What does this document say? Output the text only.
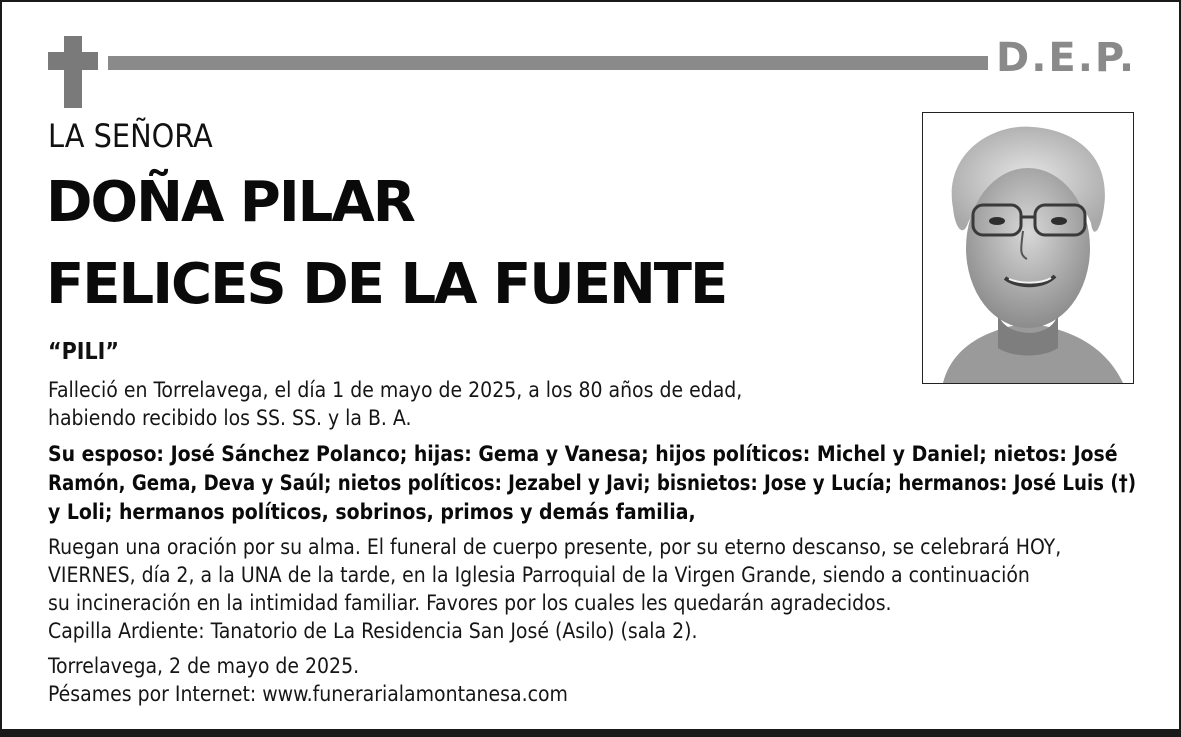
D.E.P.
LA SEÑORA
DOÑA PILAR
FELICES DE LA FUENTE
“PILI”
Falleció en Torrelavega, el día 1 de mayo de 2025, a los 80 años de edad,
habiendo recibido los SS. SS. y la B. A.
Su esposo: José Sánchez Polanco; hijas: Gema y Vanesa; hijos políticos: Michel y Daniel; nietos: José
Ramón, Gema, Deva y Saúl; nietos políticos: Jezabel y Javi; bisnietos: Jose y Lucía; hermanos: José Luis (†)
y Loli; hermanos políticos, sobrinos, primos y demás familia,
Ruegan una oración por su alma. El funeral de cuerpo presente, por su eterno descanso, se celebrará HOY,
VIERNES, día 2, a la UNA de la tarde, en la Iglesia Parroquial de la Virgen Grande, siendo a continuación
su incineración en la intimidad familiar. Favores por los cuales les quedarán agradecidos.
Capilla Ardiente: Tanatorio de La Residencia San José (Asilo) (sala 2).
Torrelavega, 2 de mayo de 2025.
Pésames por Internet: www.funerarialamontanesa.com
